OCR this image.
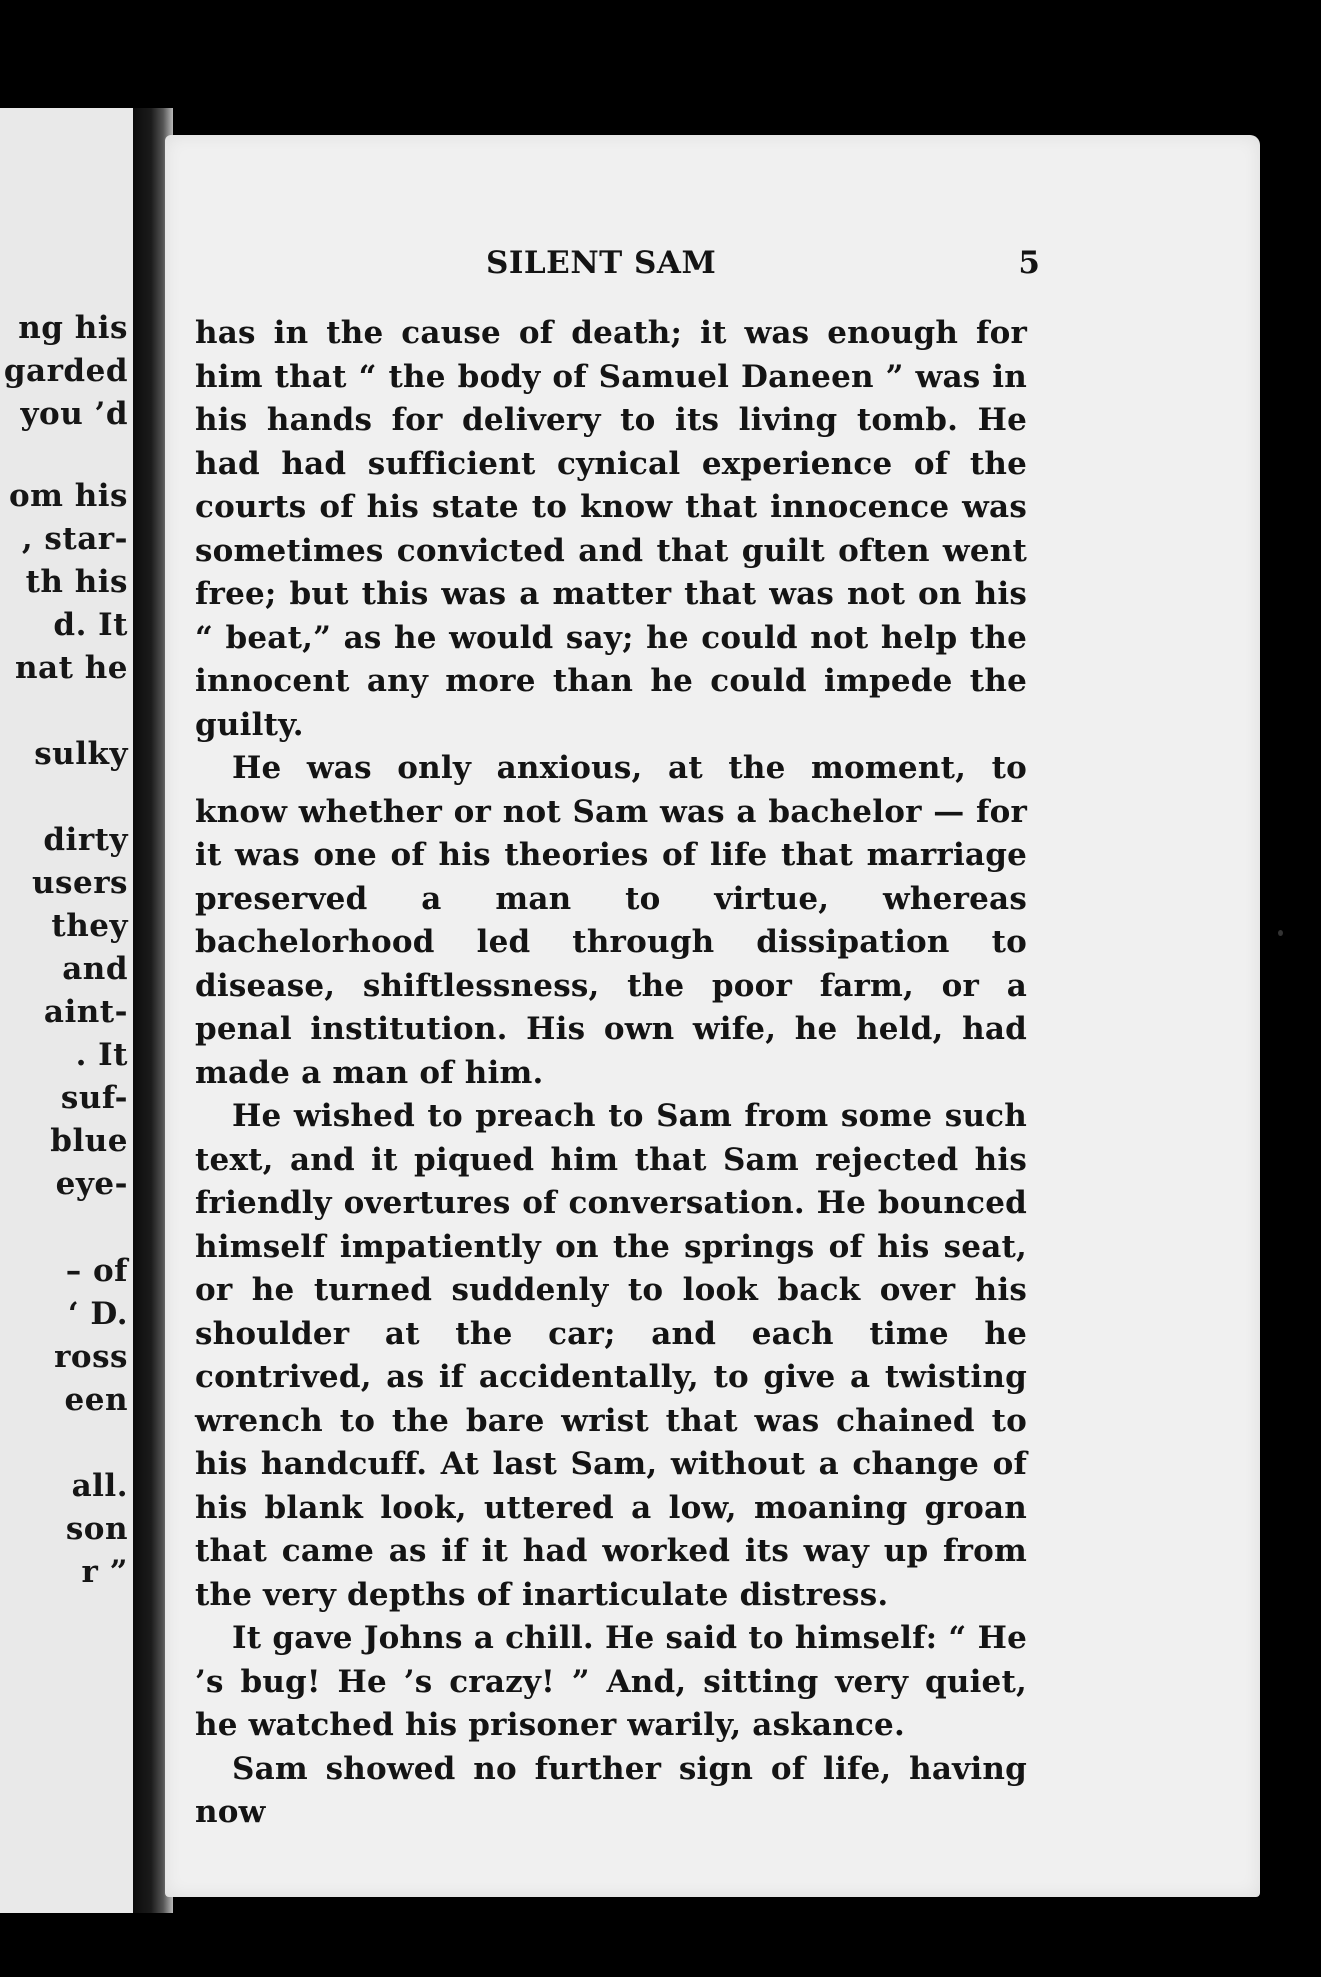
ng his
garded
you ’d
om his
, star-
th his
d. It
nat he
sulky
dirty
users
they
and
aint-
. It
suf-
blue
eye-
– of
‘ D.
ross
een
all.
son
r ”
SILENT SAM	5

has in the cause of death; it was enough for him that “ the body of Samuel Daneen ” was in his hands for delivery to its living tomb. He had had sufficient cynical experience of the courts of his state to know that innocence was sometimes convicted and that guilt often went free; but this was a matter that was not on his “ beat,” as he would say; he could not help the innocent any more than he could impede the guilty.

He was only anxious, at the moment, to know whether or not Sam was a bachelor — for it was one of his theories of life that marriage preserved a man to virtue, whereas bachelorhood led through dissipation to disease, shiftlessness, the poor farm, or a penal institution. His own wife, he held, had made a man of him.

He wished to preach to Sam from some such text, and it piqued him that Sam rejected his friendly overtures of conversation. He bounced himself impatiently on the springs of his seat, or he turned suddenly to look back over his shoulder at the car; and each time he contrived, as if accidentally, to give a twisting wrench to the bare wrist that was chained to his handcuff. At last Sam, without a change of his blank look, uttered a low, moaning groan that came as if it had worked its way up from the very depths of inarticulate distress.

It gave Johns a chill. He said to himself: “ He ’s bug! He ’s crazy! ” And, sitting very quiet, he watched his prisoner warily, askance.

Sam showed no further sign of life, having now
